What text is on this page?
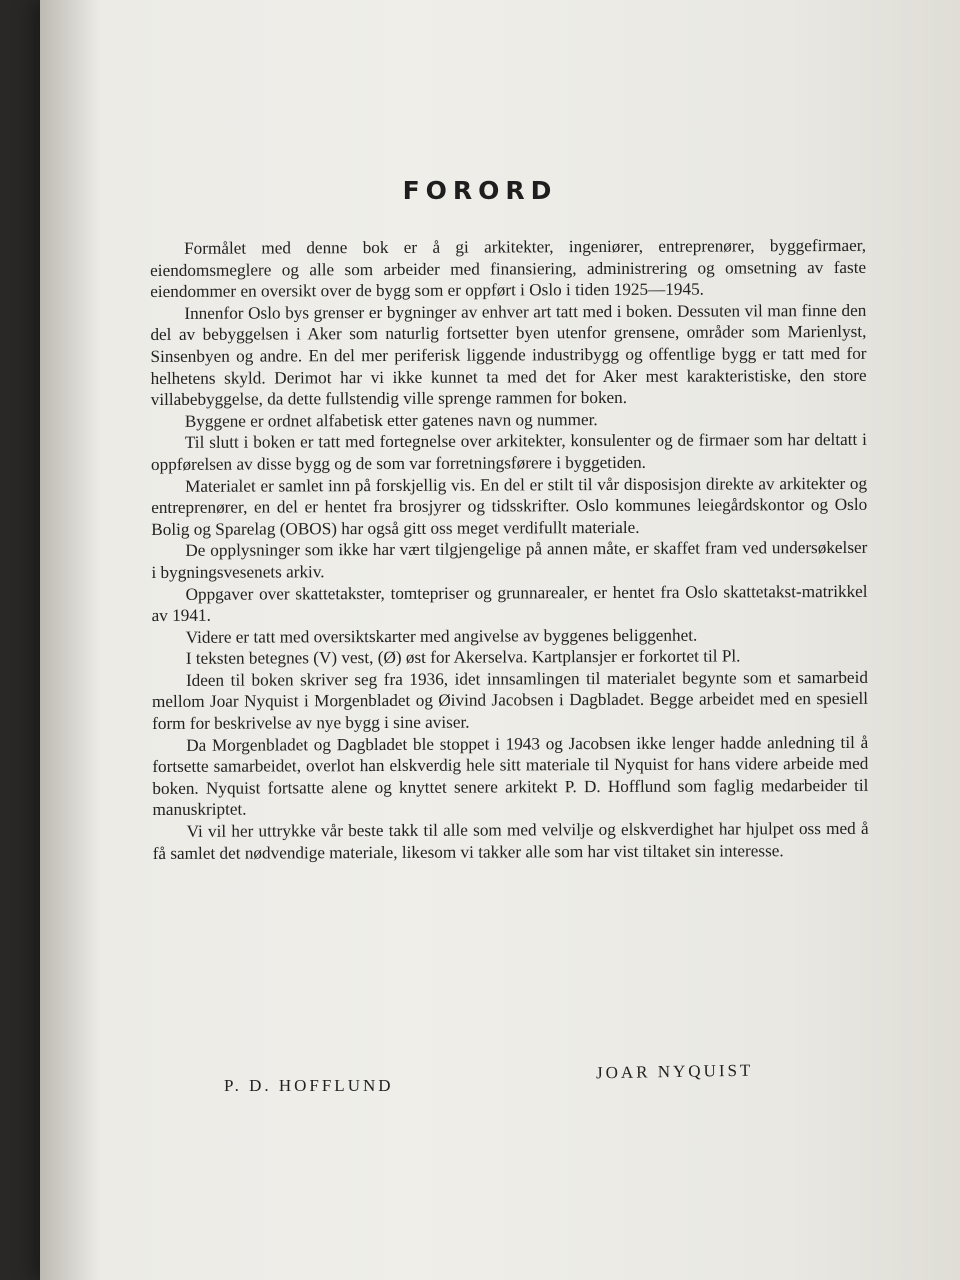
FORORD

Formålet med denne bok er å gi arkitekter, ingeniører, entreprenører, byggefirmaer, eiendomsmeglere og alle som arbeider med finansiering, administrering og omsetning av faste eiendommer en oversikt over de bygg som er oppført i Oslo i tiden 1925—1945.

Innenfor Oslo bys grenser er bygninger av enhver art tatt med i boken. Dessuten vil man finne den del av bebyggelsen i Aker som naturlig fortsetter byen utenfor grensene, områder som Marienlyst, Sinsenbyen og andre. En del mer periferisk liggende industribygg og offentlige bygg er tatt med for helhetens skyld. Derimot har vi ikke kunnet ta med det for Aker mest karakteristiske, den store villabebyggelse, da dette fullstendig ville sprenge rammen for boken.

Byggene er ordnet alfabetisk etter gatenes navn og nummer.

Til slutt i boken er tatt med fortegnelse over arkitekter, konsulenter og de firmaer som har deltatt i oppførelsen av disse bygg og de som var forretningsførere i byggetiden.

Materialet er samlet inn på forskjellig vis. En del er stilt til vår disposisjon direkte av arkitekter og entreprenører, en del er hentet fra brosjyrer og tidsskrifter. Oslo kommunes leiegårdskontor og Oslo Bolig og Sparelag (OBOS) har også gitt oss meget verdifullt materiale.

De opplysninger som ikke har vært tilgjengelige på annen måte, er skaffet fram ved undersøkelser i bygningsvesenets arkiv.

Oppgaver over skattetakster, tomtepriser og grunnarealer, er hentet fra Oslo skattetakst-matrikkel av 1941.

Videre er tatt med oversiktskarter med angivelse av byggenes beliggenhet.

I teksten betegnes (V) vest, (Ø) øst for Akerselva. Kartplansjer er forkortet til Pl.

Ideen til boken skriver seg fra 1936, idet innsamlingen til materialet begynte som et samarbeid mellom Joar Nyquist i Morgenbladet og Øivind Jacobsen i Dagbladet. Begge arbeidet med en spesiell form for beskrivelse av nye bygg i sine aviser.

Da Morgenbladet og Dagbladet ble stoppet i 1943 og Jacobsen ikke lenger hadde anledning til å fortsette samarbeidet, overlot han elskverdig hele sitt materiale til Nyquist for hans videre arbeide med boken. Nyquist fortsatte alene og knyttet senere arkitekt P. D. Hofflund som faglig medarbeider til manuskriptet.

Vi vil her uttrykke vår beste takk til alle som med velvilje og elskverdighet har hjulpet oss med å få samlet det nødvendige materiale, likesom vi takker alle som har vist tiltaket sin interesse.

P. D. HOFFLUND

JOAR NYQUIST
